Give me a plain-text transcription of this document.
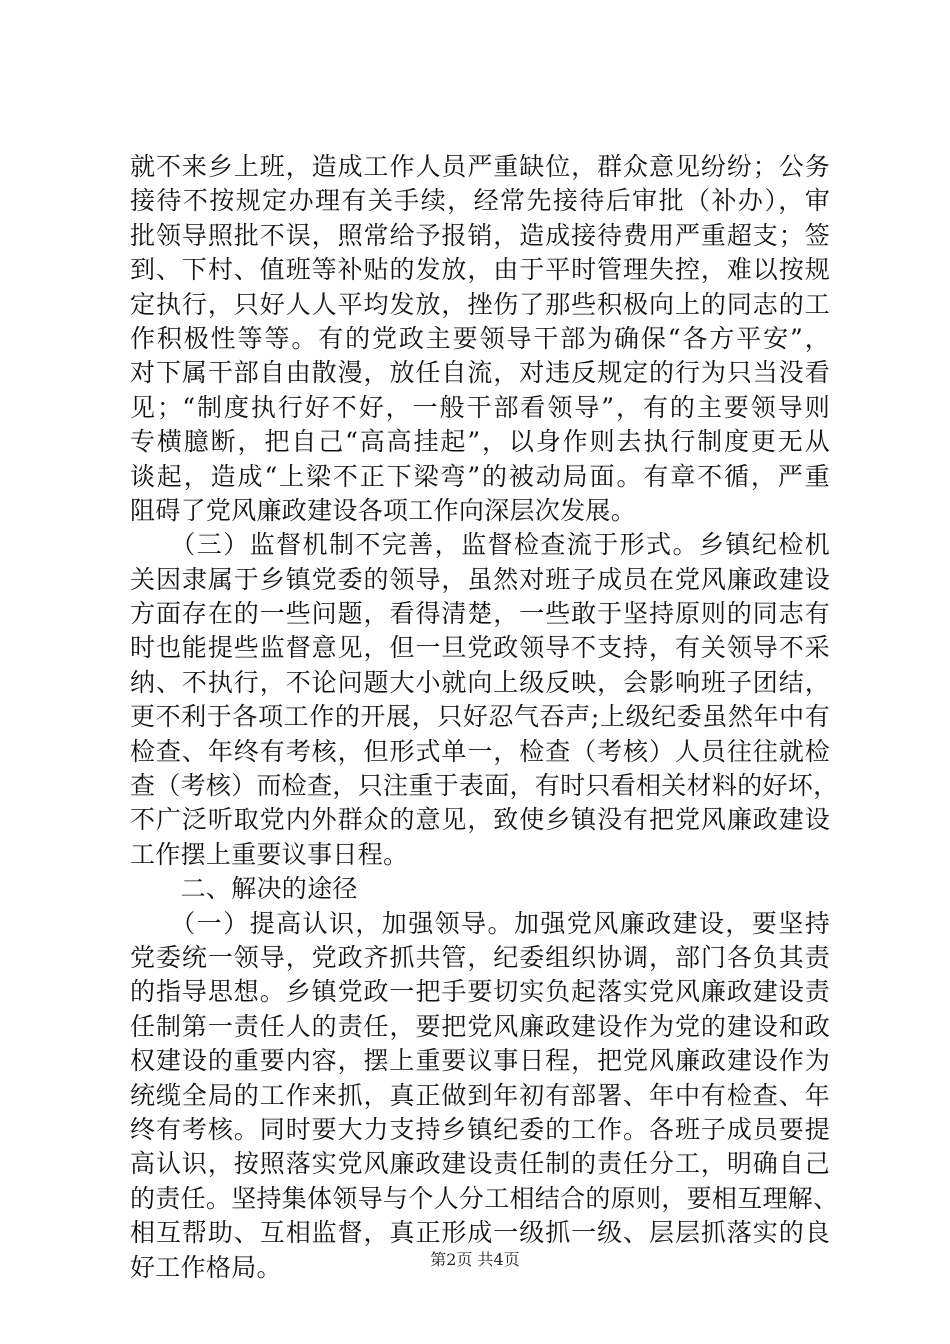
就不来乡上班，造成工作人员严重缺位，群众意见纷纷；公务
接待不按规定办理有关手续，经常先接待后审批（补办），审
批领导照批不误，照常给予报销，造成接待费用严重超支；签
到、下村、值班等补贴的发放，由于平时管理失控，难以按规
定执行，只好人人平均发放，挫伤了那些积极向上的同志的工
作积极性等等。有的党政主要领导干部为确保“各方平安”，
对下属干部自由散漫，放任自流，对违反规定的行为只当没看
见；“制度执行好不好，一般干部看领导”，有的主要领导则
专横臆断，把自己“高高挂起”，以身作则去执行制度更无从
谈起，造成“上梁不正下梁弯”的被动局面。有章不循，严重
阻碍了党风廉政建设各项工作向深层次发展。
　　（三）监督机制不完善，监督检查流于形式。乡镇纪检机
关因隶属于乡镇党委的领导，虽然对班子成员在党风廉政建设
方面存在的一些问题，看得清楚，一些敢于坚持原则的同志有
时也能提些监督意见，但一旦党政领导不支持，有关领导不采
纳、不执行，不论问题大小就向上级反映，会影响班子团结，
更不利于各项工作的开展，只好忍气吞声;上级纪委虽然年中有
检查、年终有考核，但形式单一，检查（考核）人员往往就检
查（考核）而检查，只注重于表面，有时只看相关材料的好坏，
不广泛听取党内外群众的意见，致使乡镇没有把党风廉政建设
工作摆上重要议事日程。
　　二、解决的途径
　　（一）提高认识，加强领导。加强党风廉政建设，要坚持
党委统一领导，党政齐抓共管，纪委组织协调，部门各负其责
的指导思想。乡镇党政一把手要切实负起落实党风廉政建设责
任制第一责任人的责任，要把党风廉政建设作为党的建设和政
权建设的重要内容，摆上重要议事日程，把党风廉政建设作为
统缆全局的工作来抓，真正做到年初有部署、年中有检查、年
终有考核。同时要大力支持乡镇纪委的工作。各班子成员要提
高认识，按照落实党风廉政建设责任制的责任分工，明确自己
的责任。坚持集体领导与个人分工相结合的原则，要相互理解、
相互帮助、互相监督，真正形成一级抓一级、层层抓落实的良
好工作格局。	第2页 共4页
